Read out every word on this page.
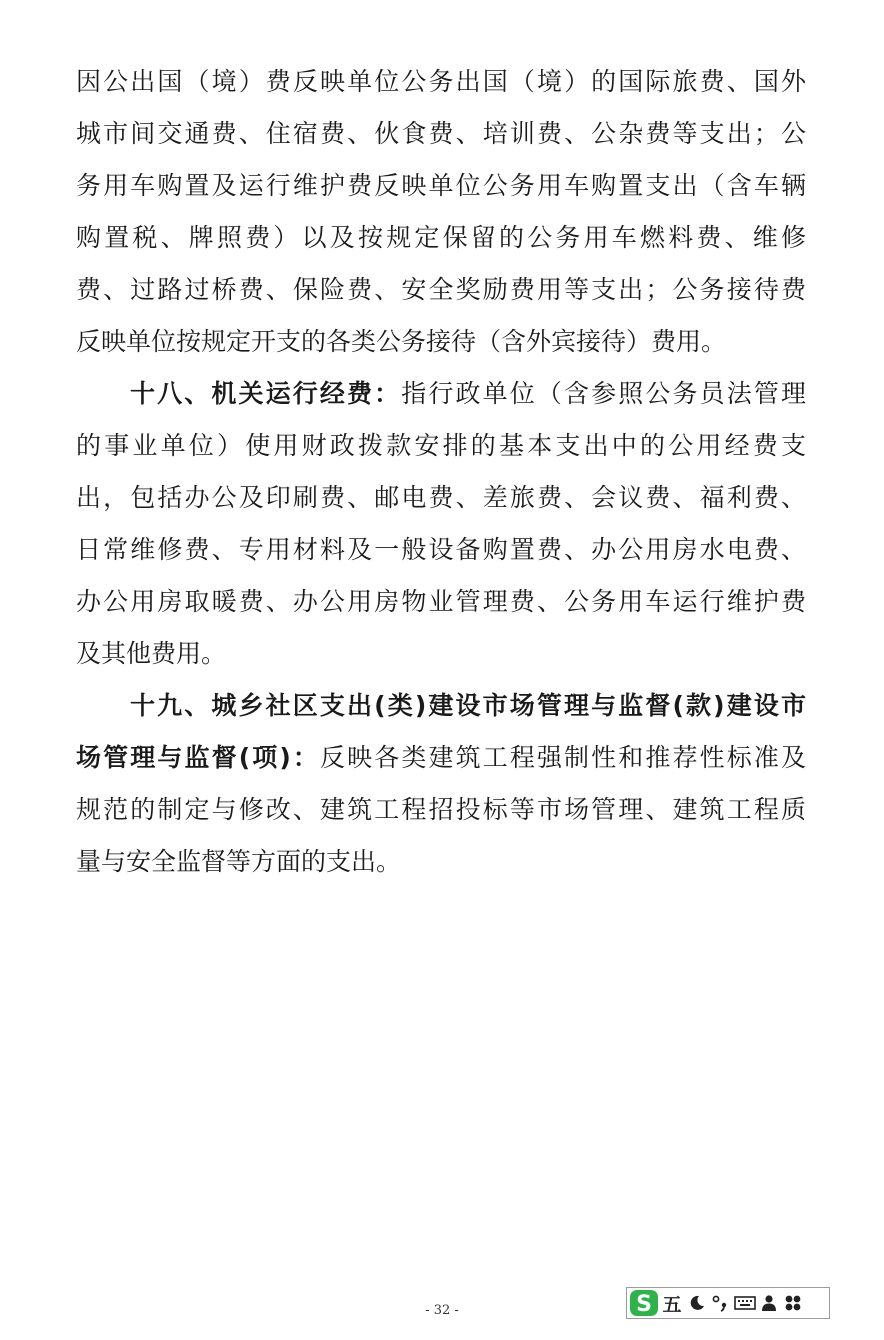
因公出国（境）费反映单位公务出国（境）的国际旅费、国外
城市间交通费、住宿费、伙食费、培训费、公杂费等支出；公
务用车购置及运行维护费反映单位公务用车购置支出（含车辆
购置税、牌照费）以及按规定保留的公务用车燃料费、维修
费、过路过桥费、保险费、安全奖励费用等支出；公务接待费
反映单位按规定开支的各类公务接待（含外宾接待）费用。
十八、机关运行经费：指行政单位（含参照公务员法管理
的事业单位）使用财政拨款安排的基本支出中的公用经费支
出，包括办公及印刷费、邮电费、差旅费、会议费、福利费、
日常维修费、专用材料及一般设备购置费、办公用房水电费、
办公用房取暖费、办公用房物业管理费、公务用车运行维护费
及其他费用。
十九、城乡社区支出(类)建设市场管理与监督(款)建设市
场管理与监督(项)：反映各类建筑工程强制性和推荐性标准及
规范的制定与修改、建筑工程招投标等市场管理、建筑工程质
量与安全监督等方面的支出。
- 32 -	S 五
